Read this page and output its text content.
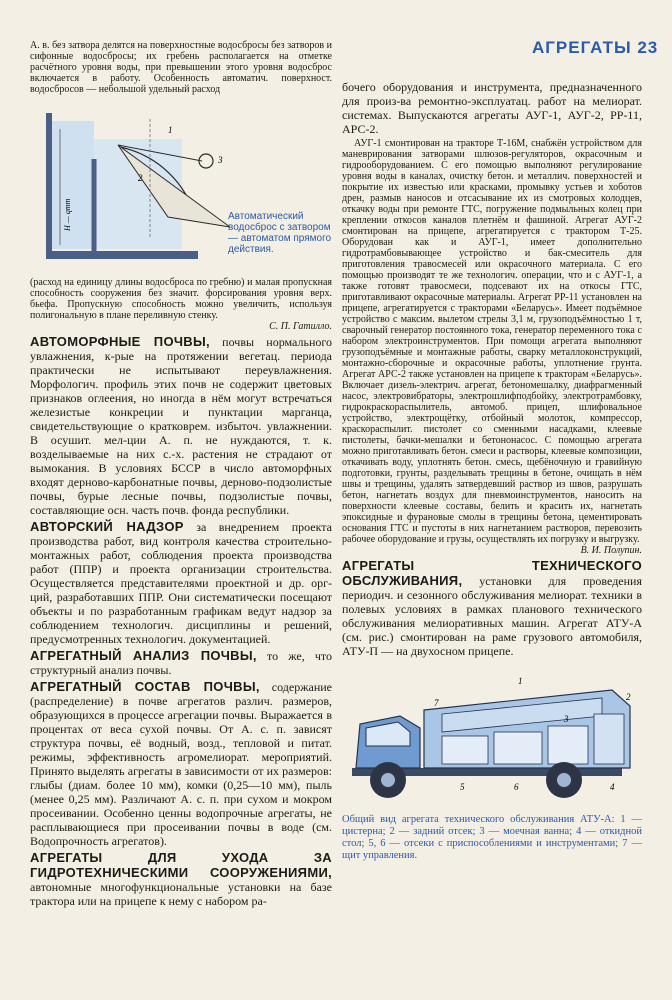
АГРЕГАТЫ 23

А. в. без затвора делятся на поверхностные водосбросы без затворов и сифонные водосбросы; их гребень располагается на отметке расчётного уровня воды, при превышении этого уровня водосброс включается в работу. Особенность автоматич. поверхност. водосбросов — небольшой удельный расход

1
2
3
H — qmm	Автоматический водосброс с затвором — автоматом прямого действия.

(расход на единицу длины водосброса по гребню) и малая пропускная способность сооружения без значит. форсирования уровня верх. бьефа. Пропускную способность можно увеличить, используя полигональную в плане переливную стенку.

С. П. Гатилло.

АВТОМОРФНЫЕ ПОЧВЫ, почвы нормального увлажнения, к-рые на протяжении вегетац. периода практически не испытывают переувлажнения. Морфологич. профиль этих почв не содержит цветовых признаков оглеения, но иногда в нём могут встречаться железистые конкреции и пунктации марганца, свидетельствующие о кратковрем. избыточ. увлажнении. В осушит. мел-ции А. п. не нуждаются, т. к. возделываемые на них с.-х. растения не страдают от вымокания. В условиях БССР в число автоморфных входят дерново-карбонатные почвы, дерново-подзолистые почвы, бурые лесные почвы, подзолистые почвы, составляющие осн. часть почв. фонда республики.

АВТОРСКИЙ НАДЗОР за внедрением проекта производства работ, вид контроля качества строительно-монтажных работ, соблюдения проекта производства работ (ППР) и проекта организации строительства. Осуществляется представителями проектной и др. орг-ций, разработавших ППР. Они систематически посещают объекты и по разработанным графикам ведут надзор за соблюдением технологич. дисциплины и решений, предусмотренных технологич. документацией.

АГРЕГАТНЫЙ АНАЛИЗ ПОЧВЫ, то же, что структурный анализ почвы.

АГРЕГАТНЫЙ СОСТАВ ПОЧВЫ, содержание (распределение) в почве агрегатов различ. размеров, образующихся в процессе агрегации почвы. Выражается в процентах от веса сухой почвы. От А. с. п. зависят структура почвы, её водный, возд., тепловой и питат. режимы, эффективность агромелиорат. мероприятий. Принято выделять агрегаты в зависимости от их размеров: глыбы (диам. более 10 мм), комки (0,25—10 мм), пыль (менее 0,25 мм). Различают А. с. п. при сухом и мокром просеивании. Особенно ценны водопрочные агрегаты, не расплывающиеся при просеивании почвы в воде (см. Водопрочность агрегатов).

АГРЕГАТЫ ДЛЯ УХОДА ЗА ГИДРОТЕХНИЧЕСКИМИ СООРУЖЕНИЯМИ, автономные многофункциональные установки на базе трактора или на прицепе к нему с набором ра-

бочего оборудования и инструмента, предназначенного для произ-ва ремонтно-эксплуатац. работ на мелиорат. системах. Выпускаются агрегаты АУГ-1, АУГ-2, РР-11, АРС-2.

АУГ-1 смонтирован на тракторе Т-16М, снабжён устройством для маневрирования затворами шлюзов-регуляторов, окрасочным и гидрооборудованием. С его помощью выполняют регулирование уровня воды в каналах, очистку бетон. и металлич. поверхностей и покрытие их известью или красками, промывку устьев и хоботов дрен, размыв наносов и отсасывание их из смотровых колодцев, откачку воды при ремонте ГТС, погружение подмыльных колец при креплении откосов каналов плетнём и фашиной. Агрегат АУГ-2 смонтирован на прицепе, агрегатируется с трактором Т-25. Оборудован как и АУГ-1, имеет дополнительно гидротрамбовывающее устройство и бак-смеситель для приготовления травосмесей или окрасочного материала. С его помощью производят те же технологич. операции, что и с АУГ-1, а также готовят травосмеси, подсевают их на откосы ГТС, приготавливают окрасочные материалы. Агрегат РР-11 установлен на прицепе, агрегатируется с тракторами «Беларусь». Имеет подъёмное устройство с максим. вылетом стрелы 3,1 м, грузоподъёмностью 1 т, сварочный генератор постоянного тока, генератор переменного тока с набором электроинструментов. При помощи агрегата выполняют грузоподъёмные и монтажные работы, сварку металлоконструкций, монтажно-сборочные и окрасочные работы, уплотнение грунта. Агрегат АРС-2 также установлен на прицепе к тракторам «Беларусь». Включает дизель-электрич. агрегат, бетономешалку, диафрагменный насос, электровибраторы, электрошлифподбойку, электротрамбовку, гидрокраскораспылитель, автомоб. прицеп, шлифовальное устройство, электрощётку, отбойный молоток, компрессор, краскораспылит. пистолет со сменными насадками, клеевые пистолеты, бачки-мешалки и бетононасос. С помощью агрегата можно приготавливать бетон. смеси и растворы, клеевые композиции, откачивать воду, уплотнять бетон. смесь, щебёночную и гравийную подготовки, грунты, разделывать трещины в бетоне, очищать в нём швы и трещины, удалять затвердевший раствор из швов, разрушать бетон, нагнетать воздух для пневмоинструментов, наносить на поверхности клеевые составы, белить и красить их, нагнетать эпоксидные и фурановые смолы в трещины бетона, цементировать основания ГТС и пустоты в них нагнетанием растворов, перевозить рабочее оборудование и грузы, осуществлять их погрузку и выгрузку.

В. И. Полупин.

АГРЕГАТЫ ТЕХНИЧЕСКОГО ОБСЛУЖИВАНИЯ, установки для проведения периодич. и сезонного обслуживания мелиорат. техники в полевых условиях в рамках планового технического обслуживания мелиоративных машин. Агрегат АТУ-А (см. рис.) смонтирован на раме грузового автомобиля, АТУ-П — на двухосном прицепе.

1
2
3
4
5	6
7

Общий вид агрегата технического обслуживания АТУ-А: 1 — цистерна; 2 — задний отсек; 3 — моечная ванна; 4 — откидной стол; 5, 6 — отсеки с приспособлениями и инструментами; 7 — щит управления.
